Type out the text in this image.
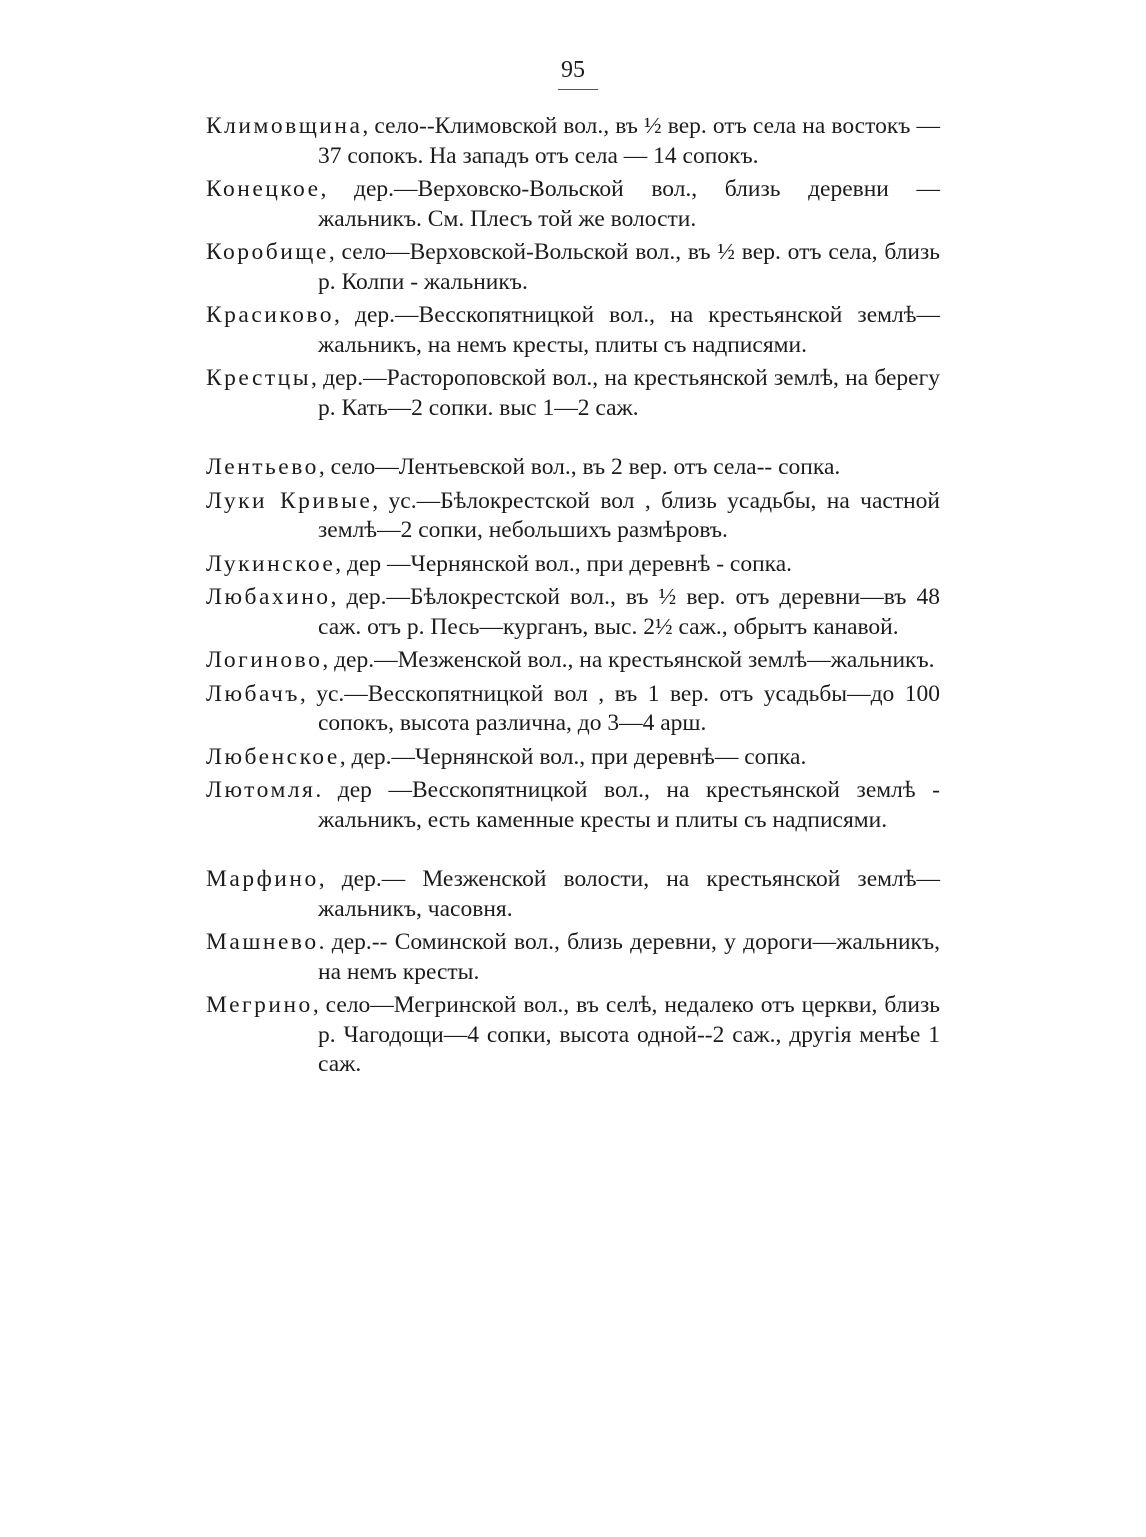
95

Климовщина, село--Климовской вол., въ ½ вер. отъ села на востокъ — 37 сопокъ. На западъ отъ села — 14 сопокъ.

Конецкое, дер.—Верховско-Вольской вол., близь деревни — жальникъ. См. Плесъ той же волости.

Коробище, село—Верховской-Вольской вол., въ ½ вер. отъ села, близь р. Колпи - жальникъ.

Красиково, дер.—Весскопятницкой вол., на крестьянской землѣ—жальникъ, на немъ кресты, плиты съ надписями.

Крестцы, дер.—Растороповской вол., на крестьянской землѣ, на берегу р. Кать—2 сопки. выс 1—2 саж.

Лентьево, село—Лентьевской вол., въ 2 вер. отъ села-- сопка.

Луки Кривые, ус.—Бѣлокрестской вол , близь усадьбы, на частной землѣ—2 сопки, небольшихъ размѣровъ.

Лукинское, дер —Чернянской вол., при деревнѣ - сопка.

Любахино, дер.—Бѣлокрестской вол., въ ½ вер. отъ деревни—въ 48 саж. отъ р. Песь—курганъ, выс. 2½ саж., обрытъ канавой.

Логиново, дер.—Мезженской вол., на крестьянской землѣ—жальникъ.

Любачъ, ус.—Весскопятницкой вол , въ 1 вер. отъ усадьбы—до 100 сопокъ, высота различна, до 3—4 арш.

Любенское, дер.—Чернянской вол., при деревнѣ— сопка.

Лютомля. дер —Весскопятницкой вол., на крестьянской землѣ - жальникъ, есть каменные кресты и плиты съ надписями.

Марфино, дер.— Мезженской волости, на крестьянской землѣ—жальникъ, часовня.

Машнево. дер.-- Соминской вол., близь деревни, у дороги—жальникъ, на немъ кресты.

Мегрино, село—Мегринской вол., въ селѣ, недалеко отъ церкви, близь р. Чагодощи—4 сопки, высота одной--2 саж., другія менѣе 1 саж.
